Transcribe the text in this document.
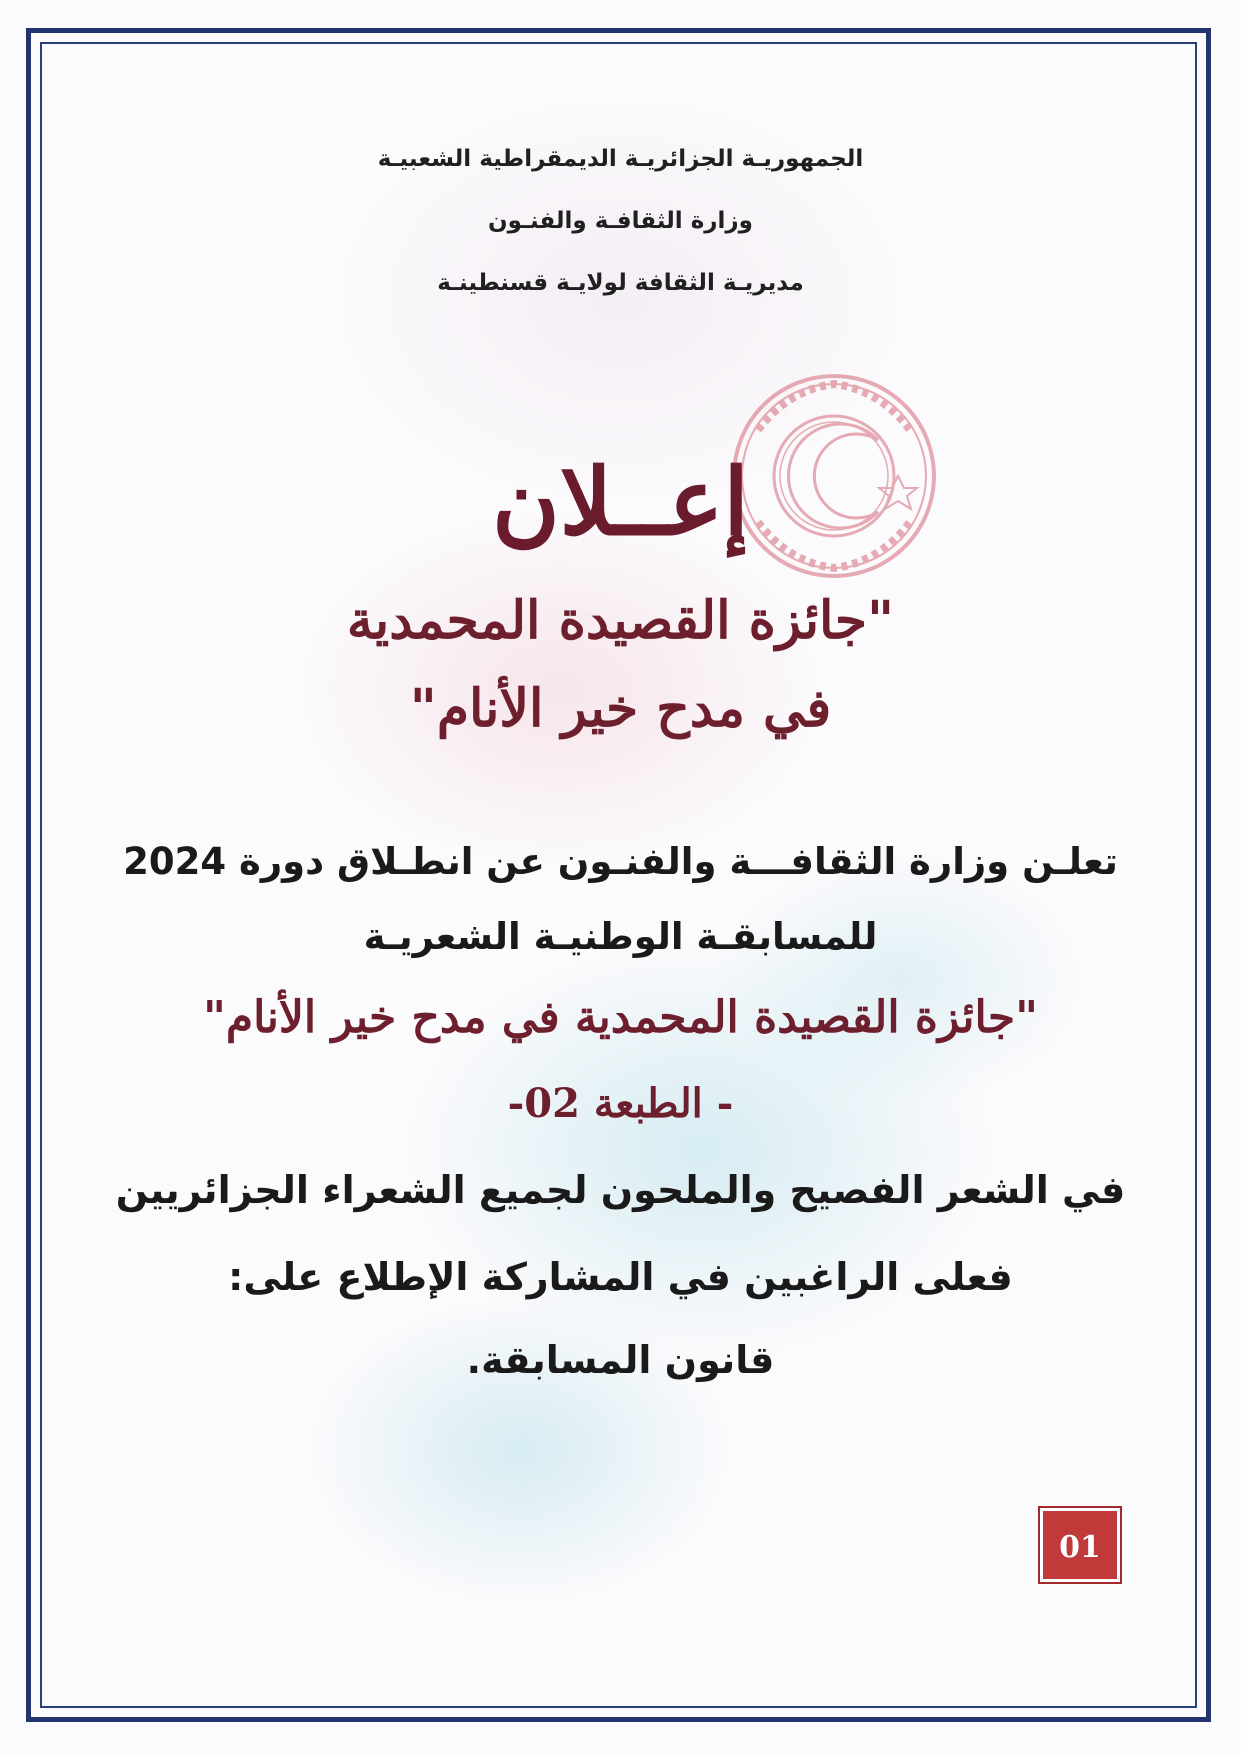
الجمهوريـة الجزائريـة الديمقراطية الشعبيـة
وزارة الثقافـة والفنـون
مديريـة الثقافة لولايـة قسنطينـة
إعــلان
"جائزة القصيدة المحمدية
في مدح خير الأنام"
تعلـن وزارة الثقافـــة والفنـون عن انطـلاق دورة 2024
للمسابقـة الوطنيـة الشعريـة
"جائزة القصيدة المحمدية في مدح خير الأنام"
- الطبعة 02-
في الشعر الفصيح والملحون لجميع الشعراء الجزائريين
فعلى الراغبين في المشاركة الإطلاع على:
قانون المسابقة.
01
